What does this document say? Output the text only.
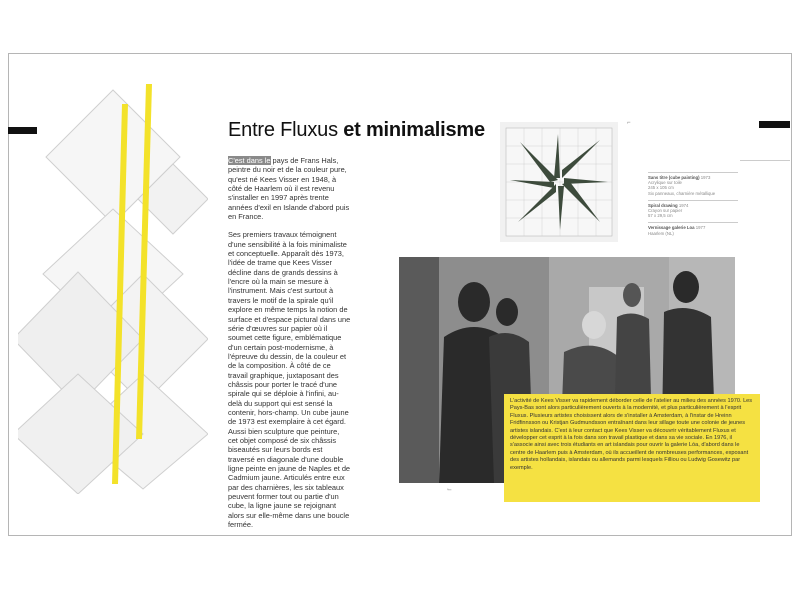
Entre Fluxus et minimalisme

C'est dans le pays de Frans Hals, peintre du noir et de la couleur pure, qu'est né Kees Visser en 1948, à côté de Haarlem où il est revenu s'installer en 1997 après trente années d'exil en Islande d'abord puis en France.

Ses premiers travaux témoignent d'une sensibilité à la fois minimaliste et conceptuelle. Apparaît dès 1973, l'idée de trame que Kees Visser décline dans de grands dessins à l'encre où la main se mesure à l'instrument. Mais c'est surtout à travers le motif de la spirale qu'il explore en même temps la notion de surface et d'espace pictural dans une série d'œuvres sur papier où il soumet cette figure, emblématique d'un certain post-modernisme, à l'épreuve du dessin, de la couleur et de la composition. À côté de ce travail graphique, juxtaposant des châssis pour porter le tracé d'une spirale qui se déploie à l'infini, au-delà du support qui est sensé la contenir, hors-champ. Un cube jaune de 1973 est exemplaire à cet égard. Aussi bien sculpture que peinture, cet objet composé de six châssis biseautés sur leurs bords est traversé en diagonale d'une double ligne peinte en jaune de Naples et de Cadmium jaune. Articulés entre eux par des charnières, les six tableaux peuvent former tout ou partie d'un cube, la ligne jaune se rejoignant alors sur elle-même dans une boucle fermée.

⌐
Sans titre (cube painting) 1973
Acrylique sur toile
245 x 105 cm
Six panneaux, charnière métallique
Spiral drawing 1974
Crayon sur papier
57 x 29,5 cm
Vernissage galerie Loa 1977
Haarlem (NL)
⌙
L'activité de Kees Visser va rapidement déborder celle de l'atelier au milieu des années 1970. Les Pays-Bas sont alors particulièrement ouverts à la modernité, et plus particulièrement à l'esprit Fluxus. Plusieurs artistes choisissent alors de s'installer à Amsterdam, à l'instar de Hreinn Fridfinnsson ou Kristjan Gudmundsson entraînant dans leur sillage toute une colonie de jeunes artistes islandais. C'est à leur contact que Kees Visser va découvrir véritablement Fluxus et développer cet esprit à la fois dans son travail plastique et dans sa vie sociale. En 1976, il s'associe ainsi avec trois étudiants en art islandais pour ouvrir la galerie Lóa, d'abord dans le centre de Haarlem puis à Amsterdam, où ils accueillent de nombreuses performances, exposant des artistes hollandais, islandais ou allemands parmi lesquels Filliou ou Ludwig Gosewitz par exemple.
